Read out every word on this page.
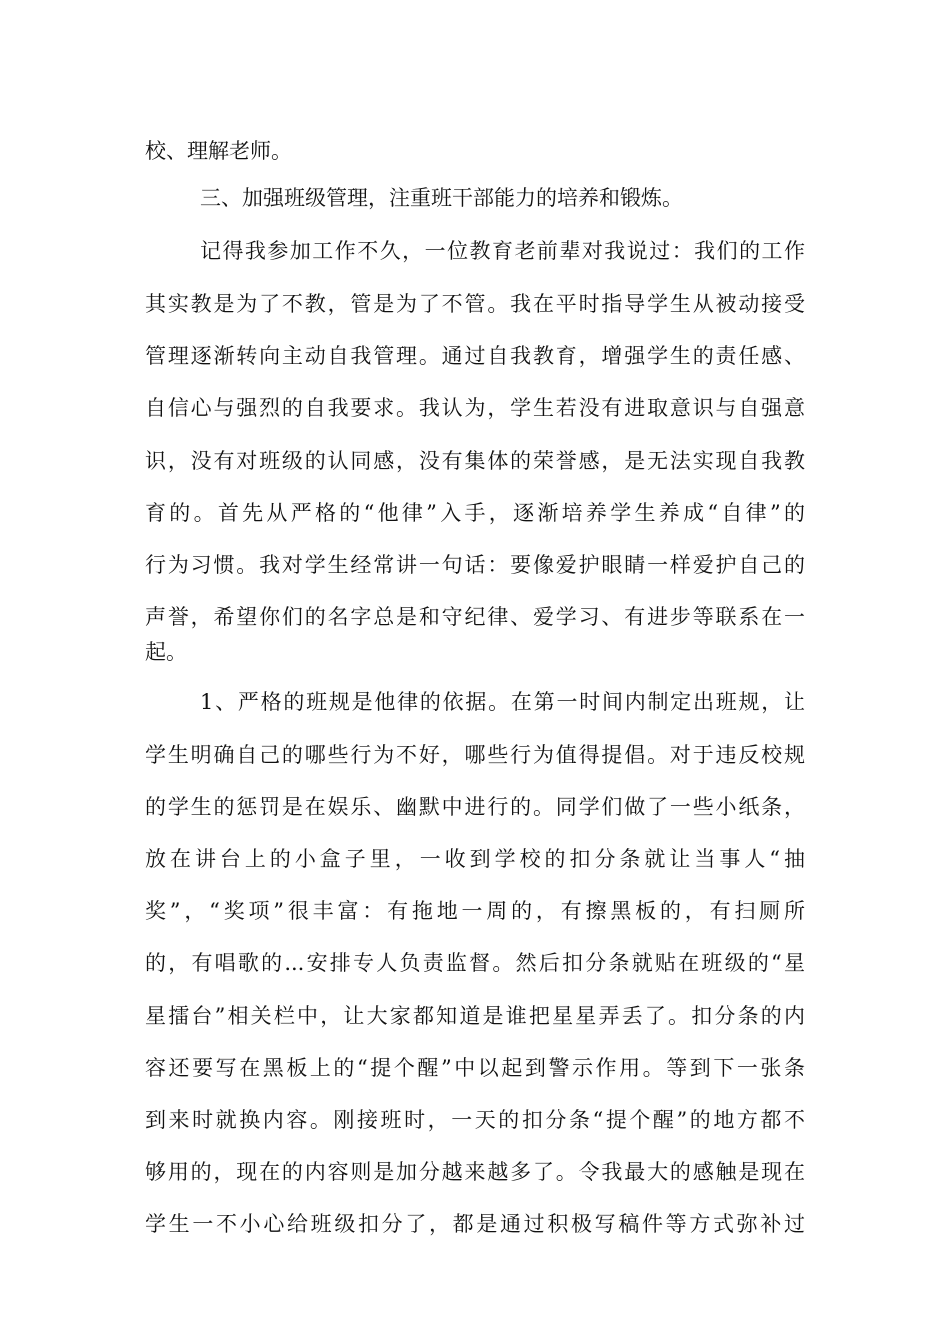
校、理解老师。
三、加强班级管理，注重班干部能力的培养和锻炼。
记得我参加工作不久，一位教育老前辈对我说过：我们的工作
其实教是为了不教，管是为了不管。我在平时指导学生从被动接受
管理逐渐转向主动自我管理。通过自我教育，增强学生的责任感、
自信心与强烈的自我要求。我认为，学生若没有进取意识与自强意
识，没有对班级的认同感，没有集体的荣誉感，是无法实现自我教
育的。首先从严格的“他律”入手，逐渐培养学生养成“自律”的
行为习惯。我对学生经常讲一句话：要像爱护眼睛一样爱护自己的
声誉，希望你们的名字总是和守纪律、爱学习、有进步等联系在一
起。
1、严格的班规是他律的依据。在第一时间内制定出班规，让
学生明确自己的哪些行为不好，哪些行为值得提倡。对于违反校规
的学生的惩罚是在娱乐、幽默中进行的。同学们做了一些小纸条，
放在讲台上的小盒子里，一收到学校的扣分条就让当事人“抽
奖”，“奖项”很丰富：有拖地一周的，有擦黑板的，有扫厕所
的，有唱歌的...安排专人负责监督。然后扣分条就贴在班级的“星
星擂台”相关栏中，让大家都知道是谁把星星弄丢了。扣分条的内
容还要写在黑板上的“提个醒”中以起到警示作用。等到下一张条
到来时就换内容。刚接班时，一天的扣分条“提个醒”的地方都不
够用的，现在的内容则是加分越来越多了。令我最大的感触是现在
学生一不小心给班级扣分了，都是通过积极写稿件等方式弥补过
